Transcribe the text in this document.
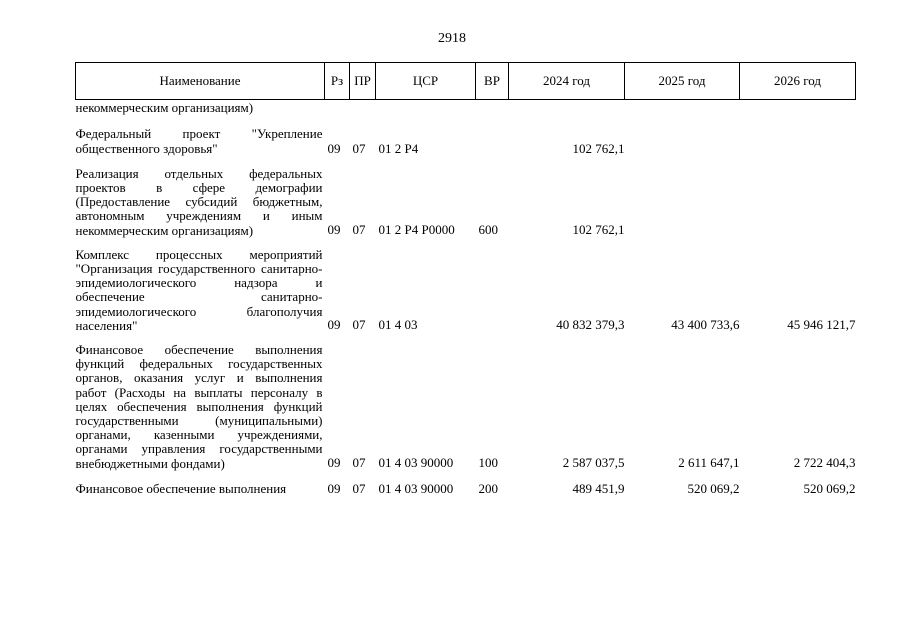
2918
Наименование	Рз	ПР	ЦСР	ВР	2024 год	2025 год	2026 год
некоммерческим организациям)							
Федеральный проект "Укрепление общественного здоровья"	09	07	01 2 Р4		102 762,1		
Реализация отдельных федеральных проектов в сфере демографии (Предоставление субсидий бюджетным, автономным учреждениям и иным некоммерческим организациям)	09	07	01 2 Р4 Р0000	600	102 762,1		
Комплекс процессных мероприятий "Организация государственного санитарно-эпидемиологического надзора и обеспечение санитарно-эпидемиологического благополучия населения"	09	07	01 4 03		40 832 379,3	43 400 733,6	45 946 121,7
Финансовое обеспечение выполнения функций федеральных государственных органов, оказания услуг и выполнения работ (Расходы на выплаты персоналу в целях обеспечения выполнения функций государственными (муниципальными) органами, казенными учреждениями, органами управления государственными внебюджетными фондами)	09	07	01 4 03 90000	100	2 587 037,5	2 611 647,1	2 722 404,3
Финансовое обеспечение выполнения	09	07	01 4 03 90000	200	489 451,9	520 069,2	520 069,2
